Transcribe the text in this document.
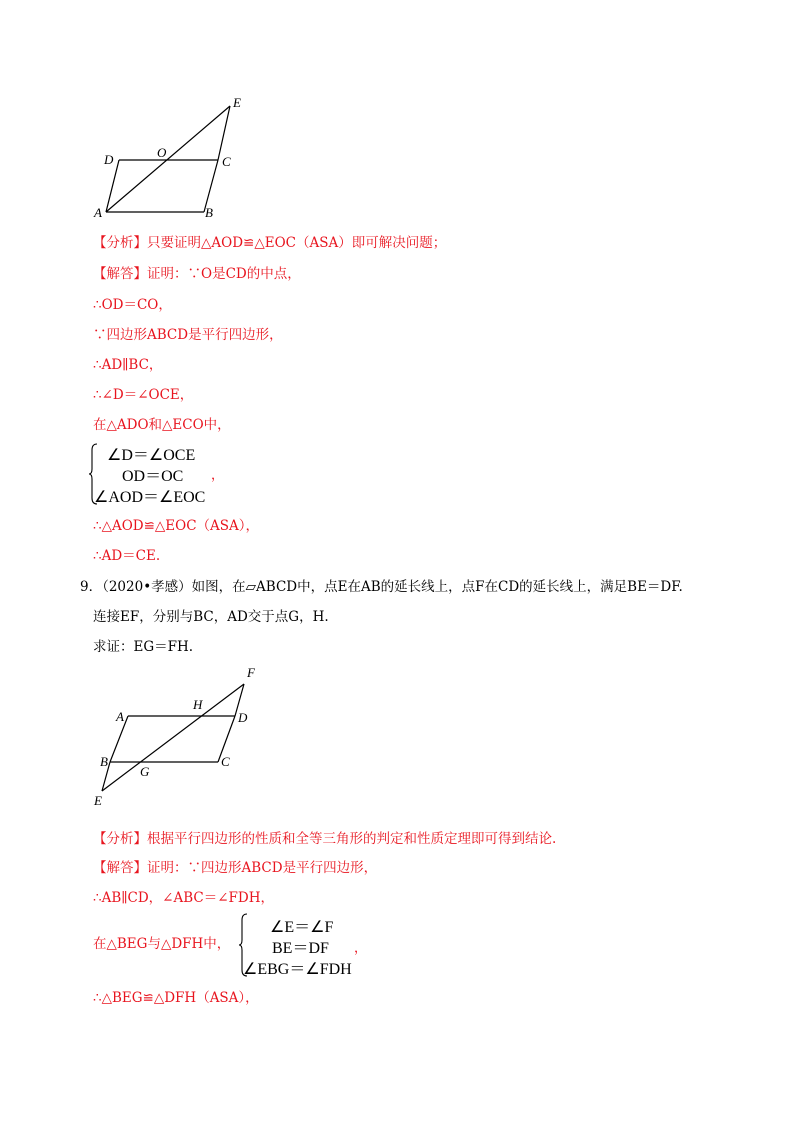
E
D	O
C
A	B
【分析】只要证明△AOD≌△EOC（ASA）即可解决问题；
【解答】证明：∵O是CD的中点，
∴OD＝CO，
∵四边形ABCD是平行四边形，
∴AD∥BC，
∴∠D＝∠OCE，
在△ADO和△ECO中，
∠D＝∠OCE
OD＝OC
∠AOD＝∠EOC
，
∴△AOD≌△EOC（ASA），
∴AD＝CE.
9．（2020•孝感）如图，在▱ABCD中，点E在AB的延长线上，点F在CD的延长线上，满足BE＝DF.
连接EF，分别与BC，AD交于点G，H.
求证：EG＝FH.
F
A
H
D
B
G
C
E
【分析】根据平行四边形的性质和全等三角形的判定和性质定理即可得到结论.
【解答】证明：∵四边形ABCD是平行四边形，
∴AB∥CD，∠ABC＝∠FDH，
在△BEG与△DFH中，
∠E＝∠F
BE＝DF
∠EBG＝∠FDH
，
∴△BEG≌△DFH（ASA），
